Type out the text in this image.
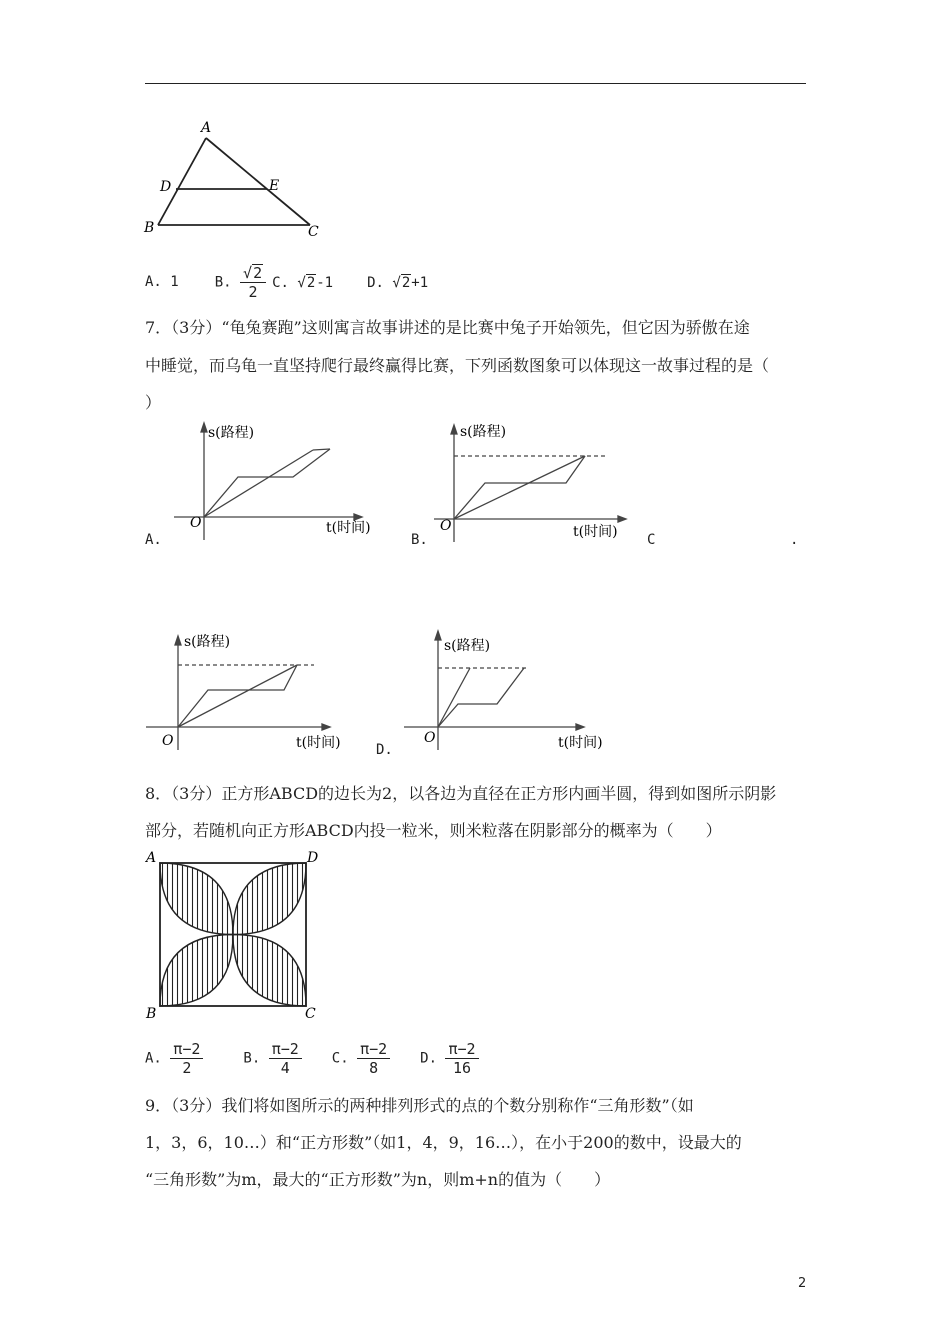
A
D	E
B	C
A. 1	B. $\frac{√2}{2} C$. √2-1 D. √2+1
7．（3分）“龟兔赛跑”这则寓言故事讲述的是比赛中兔子开始领先，但它因为骄傲在途
中睡觉，而乌龟一直坚持爬行最终赢得比赛，下列函数图象可以体现这一故事过程的是（
）
s(路程)
O	t(时间)
A.
s(路程)
O	t(时间)
B.	C	.
s(路程)
O	t(时间)
s(路程)
O	t(时间)
D.
8．（3分）正方形ABCD的边长为2，以各边为直径在正方形内画半圆，得到如图所示阴影
部分，若随机向正方形ABCD内投一粒米，则米粒落在阴影部分的概率为（　　）
A	D
B	C
A. $\frac{\pi-2}{2}$	B. $\frac{\pi-2}{4} C$. $\frac{\pi-2}{8} D$. $\frac{\pi-2}{16}$
9．（3分）我们将如图所示的两种排列形式的点的个数分别称作“三角形数”（如
1，3，6，10…）和“正方形数”（如1，4，9，16…），在小于200的数中，设最大的
“三角形数”为m，最大的“正方形数”为n，则m+n的值为（　　）
2
